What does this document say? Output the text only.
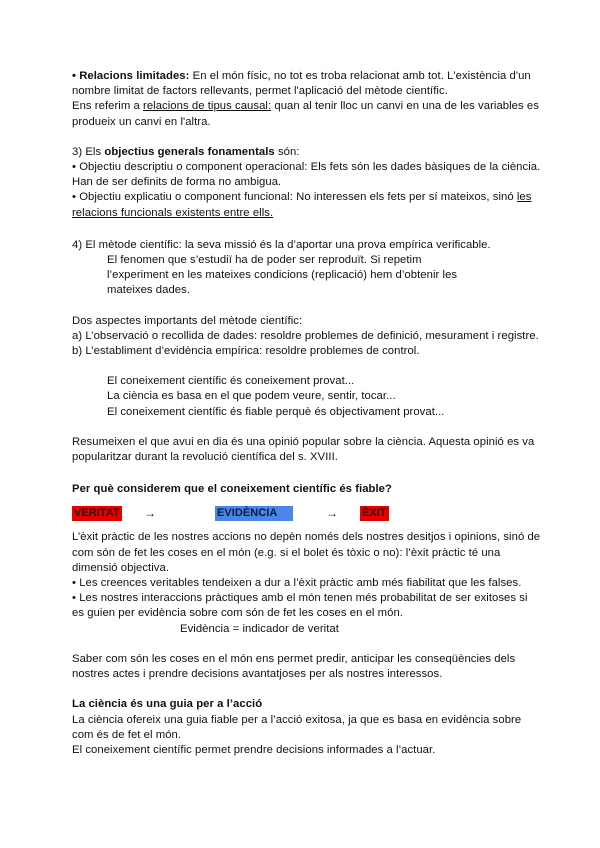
• Relacions limitades: En el món físic, no tot es troba relacionat amb tot. L'existència d'un nombre limitat de factors rellevants, permet l'aplicació del mètode científic.

Ens referim a relacions de tipus causal: quan al tenir lloc un canvi en una de les variables es produeix un canvi en l'altra.

3) Els objectius generals fonamentals són:

• Objectiu descriptiu o component operacional: Els fets són les dades bàsiques de la ciència. Han de ser definits de forma no ambigua.

• Objectiu explicatiu o component funcional: No interessen els fets per sí mateixos, sinó les relacions funcionals existents entre ells.

4) El mètode científic: la seva missió és la d’aportar una prova empírica verificable.

El fenomen que s’estudiï ha de poder ser reproduït. Si repetim

l’experiment en les mateixes condicions (replicació) hem d’obtenir les

mateixes dades.

Dos aspectes importants del mètode científic:

a) L’observació o recollida de dades: resoldre problemes de definició, mesurament i registre.

b) L’establiment d’evidència empírica: resoldre problemes de control.

El coneixement científic és coneixement provat...

La ciència es basa en el que podem veure, sentir, tocar...

El coneixement científic és fiable perquè és objectivament provat...

Resumeixen el que avui en dia és una opinió popular sobre la ciència. Aquesta opinió es va popularitzar durant la revolució científica del s. XVIII.

Per què considerem que el coneixement científic és fiable?

VERITAT →	EVIDÈNCIA	→ ÈXIT

L’èxit pràctic de les nostres accions no depèn només dels nostres desitjos i opinions, sinó de com són de fet les coses en el món (e.g. si el bolet és tòxic o no): l’èxit pràctic té una dimensió objectiva.

• Les creences veritables tendeixen a dur a l’èxit pràctic amb més fiabilitat que les falses.

• Les nostres interaccions pràctiques amb el món tenen més probabilitat de ser exitoses si es guien per evidència sobre com són de fet les coses en el món.

Evidència = indicador de veritat

Saber com són les coses en el món ens permet predir, anticipar les conseqüències dels nostres actes i prendre decisions avantatjoses per als nostres interessos.

La ciència és una guia per a l’acció

La ciència ofereix una guia fiable per a l’acció exitosa, ja que es basa en evidència sobre com és de fet el món.

El coneixement científic permet prendre decisions informades a l’actuar.
